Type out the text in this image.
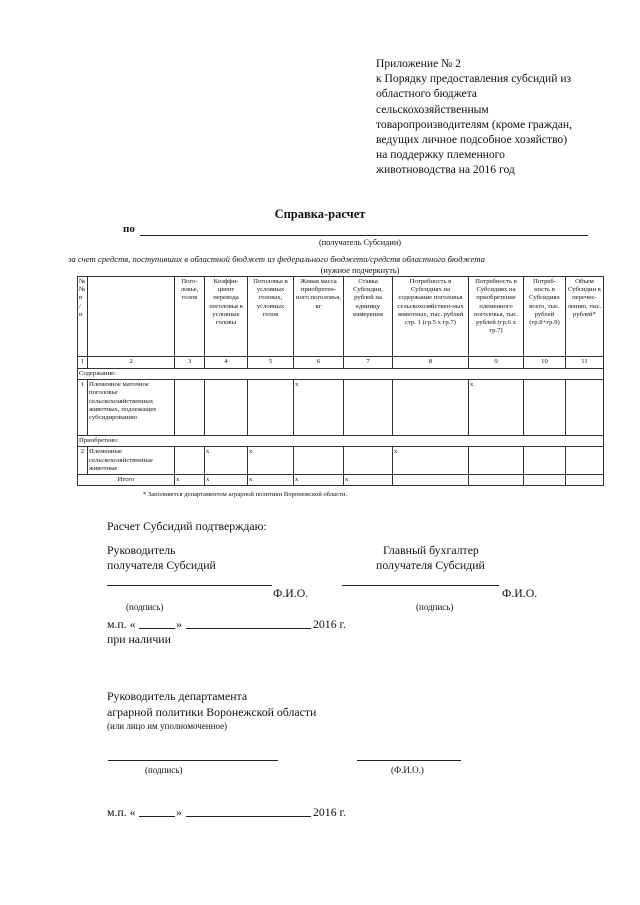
Приложение № 2
к Порядку предоставления субсидий из
областного бюджета
сельскохозяйственным
товаропроизводителям (кроме граждан,
ведущих личное подсобное хозяйство)
на поддержку племенного
животноводства на 2016 год
Справка-расчет
по
(получатель Субсидии)
за счет средств, поступивших в областной бюджет из федерального бюджета/средств областного бюджета
(нужное подчеркнуть)
№ № п / п		Пого-ловье, голов	Коэффи-циент перевода поголовья в условные головы	Поголовье в условных головах, условных голов	Живая масса приобретен-ного поголовья, кг	Ставка Субсидии, рублей на единицу измерения	Потребность в Субсидиях на содержание поголовья сельскохозяйствен-ных животных, тыс. рублей стр. 1 (гр.5 х гр.7)	Потребность в Субсидиях на приобретение племенного поголовья, тыс. рублей (гр.6 х гр.7)	Потреб-ность в Субсидиях всего, тыс. рублей (гр.8+гр.9)	Объем Субсидии к перечис-лению, тыс. рублей*
1	2	3	4	5	6	7	8	9	10	11
Содержание:										
1	Племенное маточное поголовье сельскохозяйственных животных, подлежащее субсидированию				x			x		
Приобретено:										
2	Племенные сельскохозяйственные животные		x	x			x			
Итого		x	x	x	x	x				
* Заполняется департаментом аграрной политики Воронежской области.
Расчет Субсидий подтверждаю:
Руководитель
получателя Субсидий
Главный бухгалтер
получателя Субсидий
Ф.И.О.	Ф.И.О.
(подпись)	(подпись)
м.п. «	»	2016 г.
при наличии
Руководитель департамента
аграрной политики Воронежской области
(или лицо им уполномоченное)
(подпись)	(Ф.И.О.)
м.п. «	»	2016 г.
